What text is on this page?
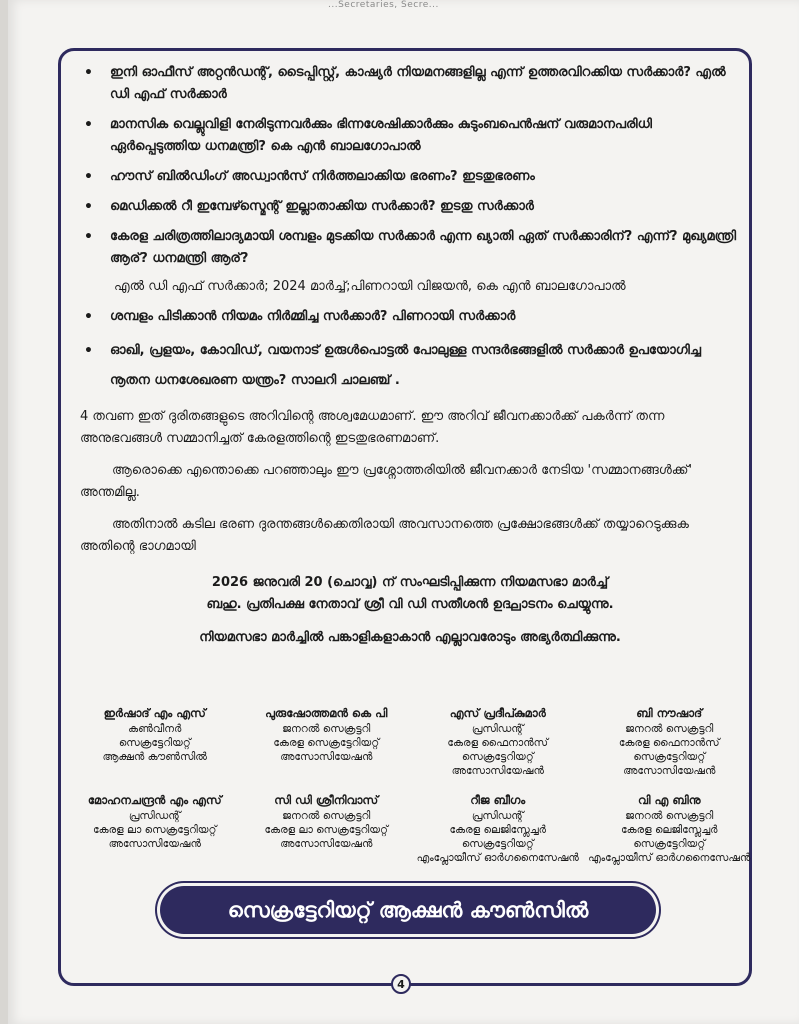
...Secretaries, Secre...
• ഇനി ഓഫീസ് അറ്റൻഡന്റ്, ടൈപ്പിസ്റ്റ്, കാഷ്യർ നിയമനങ്ങളില്ല എന്ന് ഉത്തരവിറക്കിയ സർക്കാർ? എൽ ഡി എഫ് സർക്കാർ
• മാനസിക വെല്ലുവിളി നേരിടുന്നവർക്കും ഭിന്നശേഷിക്കാർക്കും കുടുംബപെൻഷന് വരുമാനപരിധി ഏർപ്പെടുത്തിയ ധനമന്ത്രി? കെ എൻ ബാലഗോപാൽ
• ഹൗസ് ബിൽഡിംഗ് അഡ്വാൻസ് നിർത്തലാക്കിയ ഭരണം? ഇടതുഭരണം
• മെഡിക്കൽ റീ ഇമ്പേഴ്സ്മെന്റ് ഇല്ലാതാക്കിയ സർക്കാർ? ഇടതു സർക്കാർ
• കേരള ചരിത്രത്തിലാദ്യമായി ശമ്പളം മുടക്കിയ സർക്കാർ എന്ന ഖ്യാതി ഏത് സർക്കാരിന്? എന്ന്? മുഖ്യമന്ത്രി ആര്? ധനമന്ത്രി ആര്?
എൽ ഡി എഫ് സർക്കാർ; 2024 മാർച്ച്;പിണറായി വിജയൻ, കെ എൻ ബാലഗോപാൽ
• ശമ്പളം പിടിക്കാൻ നിയമം നിർമ്മിച്ച സർക്കാർ? പിണറായി സർക്കാർ
• ഓഖി, പ്രളയം, കോവിഡ്, വയനാട് ഉരുൾപൊട്ടൽ പോലുള്ള സന്ദർഭങ്ങളിൽ സർക്കാർ ഉപയോഗിച്ച നൂതന ധനശേഖരണ യന്ത്രം? സാലറി ചാലഞ്ച് .

4 തവണ ഇത് ദുരിതങ്ങളുടെ അറിവിന്റെ അശ്വമേധമാണ്. ഈ അറിവ് ജീവനക്കാർക്ക് പകർന്ന് തന്ന അനുഭവങ്ങൾ സമ്മാനിച്ചത് കേരളത്തിന്റെ ഇടതുഭരണമാണ്.

ആരൊക്കെ എന്തൊക്കെ പറഞ്ഞാലും ഈ പ്രശ്നോത്തരിയിൽ ജീവനക്കാർ നേടിയ 'സമ്മാനങ്ങൾക്ക്' അന്തമില്ല.

അതിനാൽ കുടില ഭരണ ദുരന്തങ്ങൾക്കെതിരായി അവസാനത്തെ പ്രക്ഷോഭങ്ങൾക്ക് തയ്യാറെടുക്കുക അതിന്റെ ഭാഗമായി

2026 ജനുവരി 20 (ചൊവ്വ) ന് സംഘടിപ്പിക്കുന്ന നിയമസഭാ മാർച്ച്
ബഹു. പ്രതിപക്ഷ നേതാവ് ശ്രീ വി ഡി സതീശൻ ഉദ്ഘാടനം ചെയ്യുന്നു.
നിയമസഭാ മാർച്ചിൽ പങ്കാളികളാകാൻ എല്ലാവരോടും അഭ്യർത്ഥിക്കുന്നു.
ഇർഷാദ് എം എസ്
കൺവീനർ
സെക്രട്ടേറിയറ്റ്
ആക്ഷൻ കൗൺസിൽ
പുരുഷോത്തമൻ കെ പി
ജനറൽ സെക്രട്ടറി
കേരള സെക്രട്ടേറിയറ്റ്
അസോസിയേഷൻ
എസ് പ്രദീപ്കുമാർ
പ്രസിഡന്റ്
കേരള ഫൈനാൻസ്
സെക്രട്ടേറിയറ്റ്
അസോസിയേഷൻ
ബി നൗഷാദ്
ജനറൽ സെക്രട്ടറി
കേരള ഫൈനാൻസ്
സെക്രട്ടേറിയറ്റ് അസോസിയേഷൻ
മോഹനചന്ദ്രൻ എം എസ്
പ്രസിഡന്റ്
കേരള ലാ സെക്രട്ടേറിയറ്റ്
അസോസിയേഷൻ
സി ഡി ശ്രീനിവാസ്
ജനറൽ സെക്രട്ടറി
കേരള ലാ സെക്രട്ടേറിയറ്റ്
അസോസിയേഷൻ
റീജ ബീഗം
പ്രസിഡന്റ്
കേരള ലെജിസ്ലേച്ചർ സെക്രട്ടേറിയറ്റ്
എംപ്ലോയീസ് ഓർഗനൈസേഷൻ
വി എ ബിനു
ജനറൽ സെക്രട്ടറി
കേരള ലെജിസ്ലേച്ചർ സെക്രട്ടേറിയറ്റ്
എംപ്ലോയീസ് ഓർഗനൈസേഷൻ
സെക്രട്ടേറിയറ്റ് ആക്ഷൻ കൗൺസിൽ
4
